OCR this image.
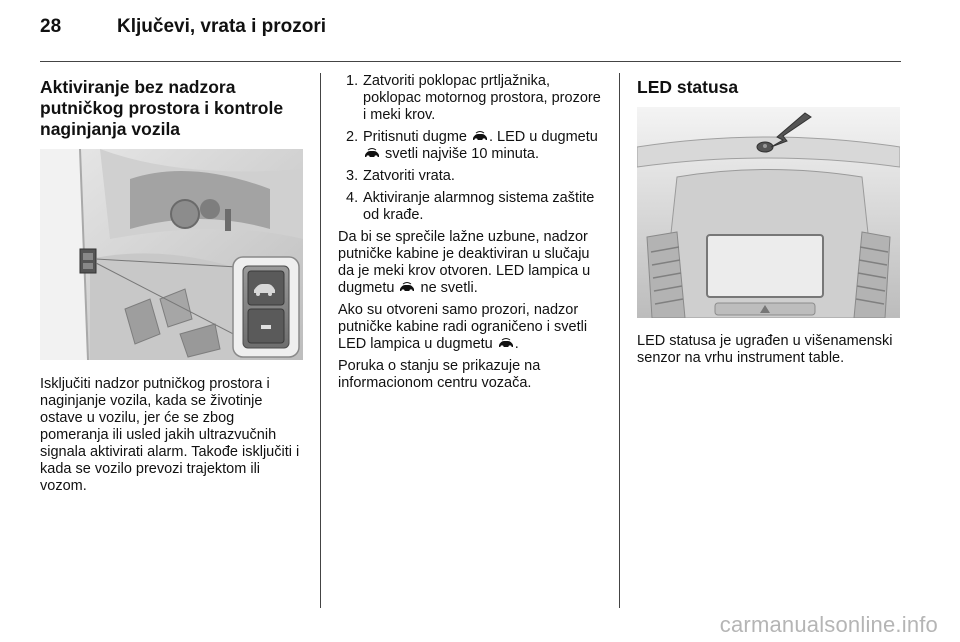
28	Ključevi, vrata i prozori
Aktiviranje bez nadzora
putničkog prostora i kontrole
naginjanja vozila
Isključiti nadzor putničkog prostora i naginjanje vozila, kada se životinje ostave u vozilu, jer će se zbog pomeranja ili usled jakih ultrazvučnih signala aktivirati alarm. Takođe isključiti i kada se vozilo prevozi trajektom ili vozom.
1. Zatvoriti poklopac prtljažnika, poklopac motornog prostora, prozore i meki krov.
2. Pritisnuti dugme . LED u dugmetu
svetli najviše 10 minuta.
3. Zatvoriti vrata.
4. Aktiviranje alarmnog sistema zaštite od krađe.
Da bi se sprečile lažne uzbune, nadzor putničke kabine je deaktiviran u slučaju da je meki krov otvoren. LED lampica u dugmetu ne svetli.
Ako su otvoreni samo prozori, nadzor putničke kabine radi ograničeno i svetli LED lampica u dugmetu .
Poruka o stanju se prikazuje na informacionom centru vozača.
LED statusa
LED statusa je ugrađen u višenamenski senzor na vrhu instrument table.
carmanualsonline.info
